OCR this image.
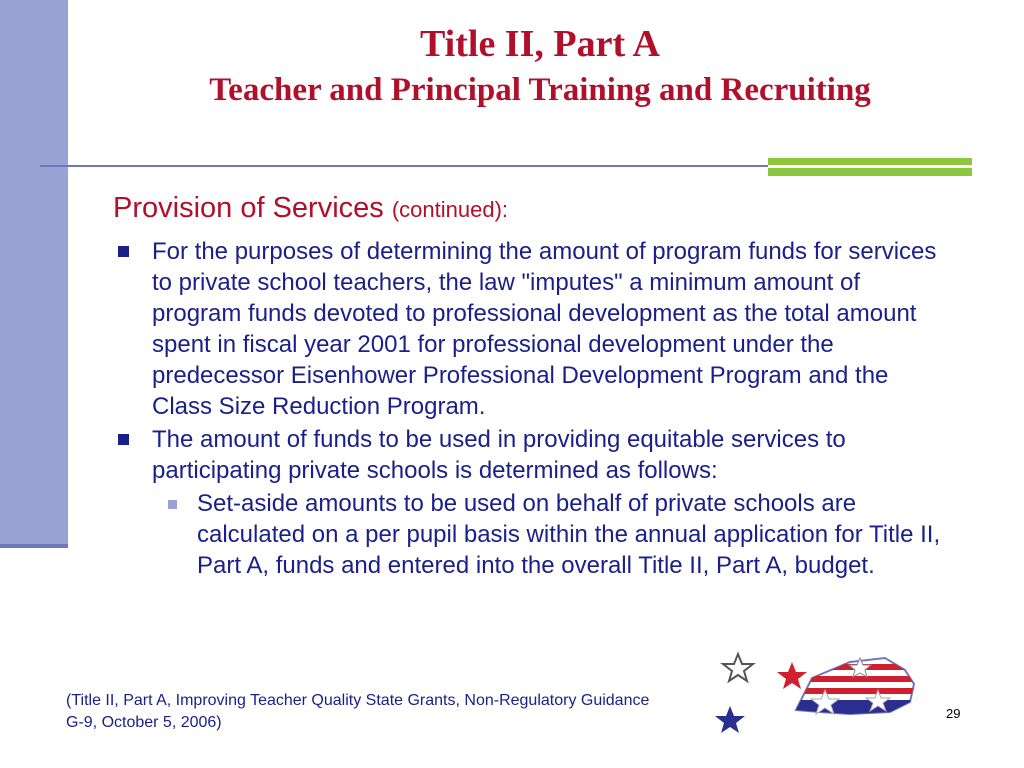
Title II, Part A
Teacher and Principal Training and Recruiting
Provision of Services (continued):
For the purposes of determining the amount of program funds for services to private school teachers, the law "imputes" a minimum amount of program funds devoted to professional development as the total amount spent in fiscal year 2001 for professional development under the predecessor Eisenhower Professional Development Program and the Class Size Reduction Program.
The amount of funds to be used in providing equitable services to participating private schools is determined as follows:
Set-aside amounts to be used on behalf of private schools are calculated on a per pupil basis within the annual application for Title II, Part A, funds and entered into the overall Title II, Part A, budget.
(Title II, Part A, Improving Teacher Quality State Grants, Non-Regulatory Guidance
G-9, October 5, 2006)
29
